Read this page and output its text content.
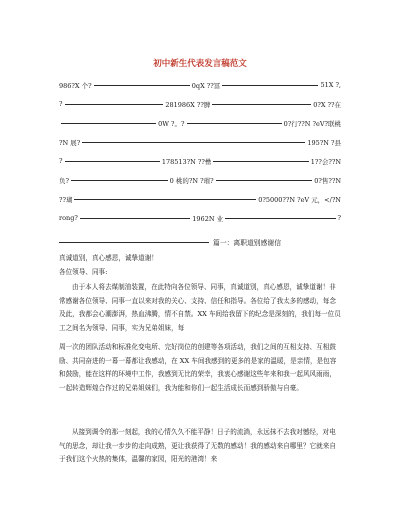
初中新生代表发言稿范文
986?X 个?	0qX ??冨	51X ?,
?	281986X ??脾	0?X ??在
0W ?。?	0?行??N ?eV?联桃
?N 展?	195?N ?县
?	178513?N ??罍	1??会??N
负?	0 桃的?N ?璀?	0?售??N
??瑚	0?5000??N ?eV 元，</?N
rong?	1962N 业	?
篇一：离职道别感谢信

真诚道别，真心感恩，诚挚道谢！

各位领导、同事:

由于本人将去煤制油装置，在此特向各位领导、同事，真诚道别，真心感恩，诚挚道谢！非常感谢各位领导、同事一直以来对我的关心、支持、信任和指导。各位给了我太多的感动，每念及此，我都会心潮澎湃，热血沸腾，情不自禁。XX 车间给我留下的纪念是深刻的，我们每一位员工之间名为领导、同事，实为兄弟姐妹，每

周一次的团队活动和标准化变电所、完好岗位的创建等各项活动，我们之间的互相支持、互相鼓励、共同奋进的一幕一幕都让我感动，在 XX 车间我感到的更多的是家的温暖，是亲情，是包容和鼓励，能在这样的环境中工作，我感到无比的荣幸，我衷心感谢这些年来和我一起风风雨雨，一起转造辉煌合作过的兄弟姐妹们，我为能和你们一起生活成长而感到骄傲与自豪。

从接到调令的那一刻起，我的心情久久不能平静！日子的流淌，永远抹不去我对憾经，对电气的思念，却让我一步步的走向成熟，更让我获得了无数的感动！我的感动来自哪里？它就来自于我们这个火热的集体，温馨的家园，阳光的港湾！来
